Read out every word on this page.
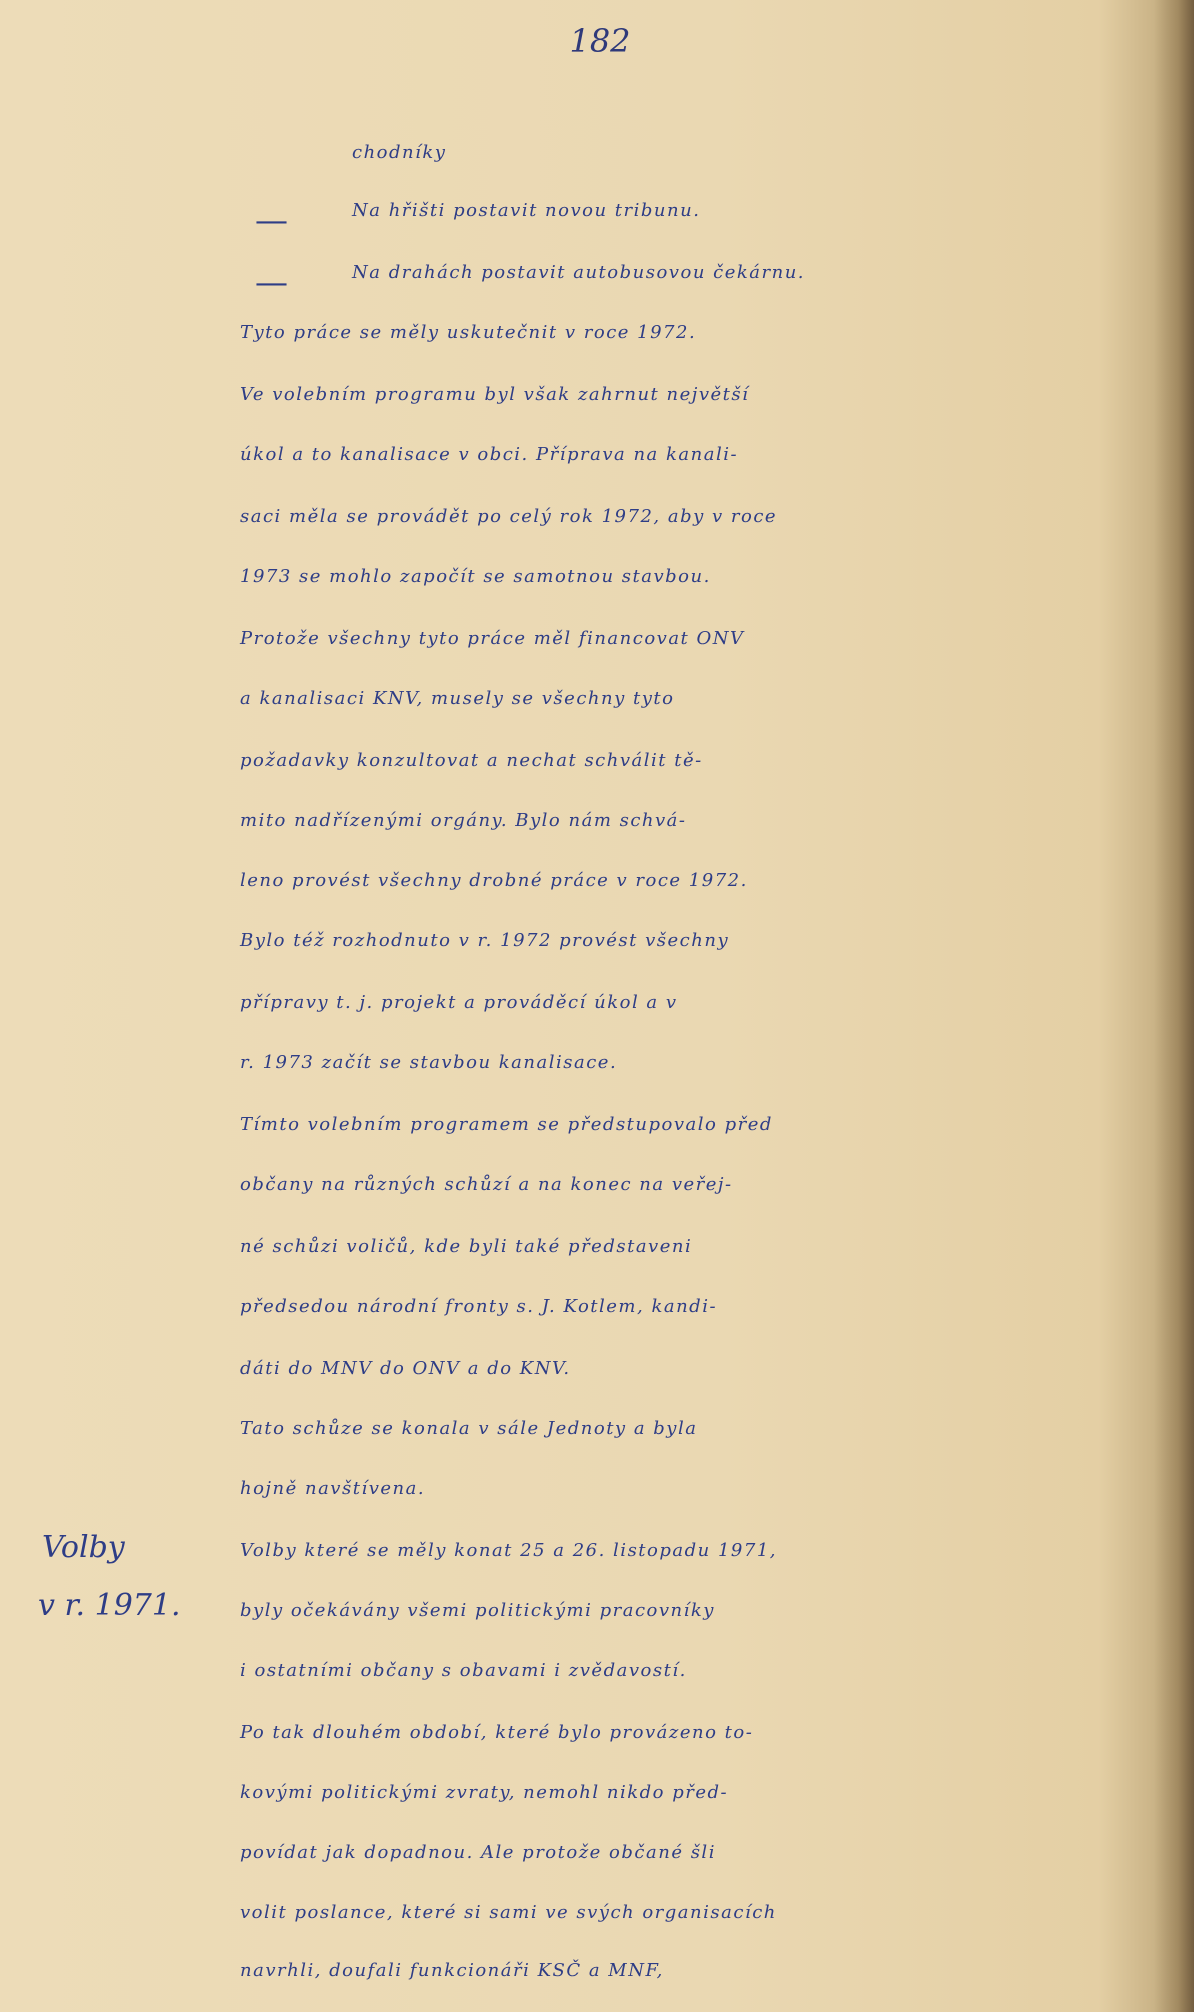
182
Volby
v r. 1971.
—
—
chodníky
Na hřišti postavit novou tribunu.
Na drahách postavit autobusovou čekárnu.
Tyto práce se měly uskutečnit v roce 1972.
Ve volebním programu byl však zahrnut největší
úkol a to kanalisace v obci. Příprava na kanali-
saci měla se provádět po celý rok 1972, aby v roce
1973 se mohlo započít se samotnou stavbou.
Protože všechny tyto práce měl financovat ONV
a kanalisaci KNV, musely se všechny tyto
požadavky konzultovat a nechat schválit tě-
mito nadřízenými orgány. Bylo nám schvá-
leno provést všechny drobné práce v roce 1972.
Bylo též rozhodnuto v r. 1972 provést všechny
přípravy t. j. projekt a prováděcí úkol a v
r. 1973 začít se stavbou kanalisace.
Tímto volebním programem se předstupovalo před
občany na různých schůzí a na konec na veřej-
né schůzi voličů, kde byli také představeni
předsedou národní fronty s. J. Kotlem, kandi-
dáti do MNV do ONV a do KNV.
Tato schůze se konala v sále Jednoty a byla
hojně navštívena.
Volby které se měly konat 25 a 26. listopadu 1971,
byly očekávány všemi politickými pracovníky
i ostatními občany s obavami i zvědavostí.
Po tak dlouhém období, které bylo provázeno to-
kovými politickými zvraty, nemohl nikdo před-
povídat jak dopadnou. Ale protože občané šli
volit poslance, které si sami ve svých organisacích
navrhli, doufali funkcionáři KSČ a MNF,
